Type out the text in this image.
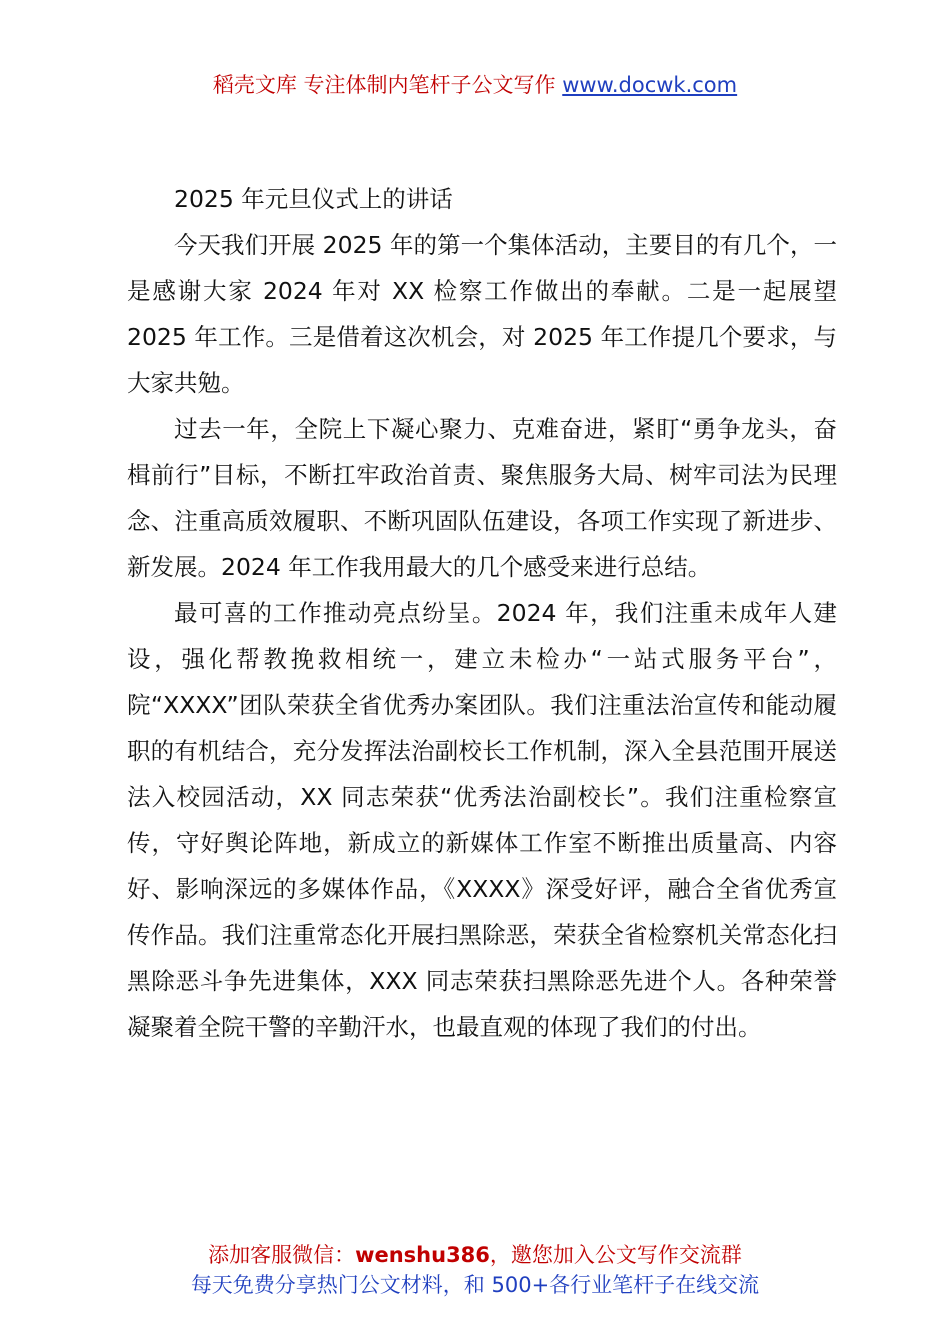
稻壳文库 专注体制内笔杆子公文写作 www.docwk.com

2025 年元旦仪式上的讲话

今天我们开展 2025 年的第一个集体活动，主要目的有几个，一是感谢大家 2024 年对 XX 检察工作做出的奉献。二是一起展望 2025 年工作。三是借着这次机会，对 2025 年工作提几个要求，与大家共勉。

过去一年，全院上下凝心聚力、克难奋进，紧盯“勇争龙头，奋楫前行”目标，不断扛牢政治首责、聚焦服务大局、树牢司法为民理念、注重高质效履职、不断巩固队伍建设，各项工作实现了新进步、新发展。2024 年工作我用最大的几个感受来进行总结。

最可喜的工作推动亮点纷呈。2024 年，我们注重未成年人建设，强化帮教挽救相统一，建立未检办“一站式服务平台”，院“XXXX”团队荣获全省优秀办案团队。我们注重法治宣传和能动履职的有机结合，充分发挥法治副校长工作机制，深入全县范围开展送法入校园活动，XX 同志荣获“优秀法治副校长”。我们注重检察宣传，守好舆论阵地，新成立的新媒体工作室不断推出质量高、内容好、影响深远的多媒体作品，《XXXX》深受好评，融合全省优秀宣传作品。我们注重常态化开展扫黑除恶，荣获全省检察机关常态化扫黑除恶斗争先进集体，XXX 同志荣获扫黑除恶先进个人。各种荣誉凝聚着全院干警的辛勤汗水，也最直观的体现了我们的付出。

添加客服微信：wenshu386，邀您加入公文写作交流群
每天免费分享热门公文材料，和 500+各行业笔杆子在线交流
